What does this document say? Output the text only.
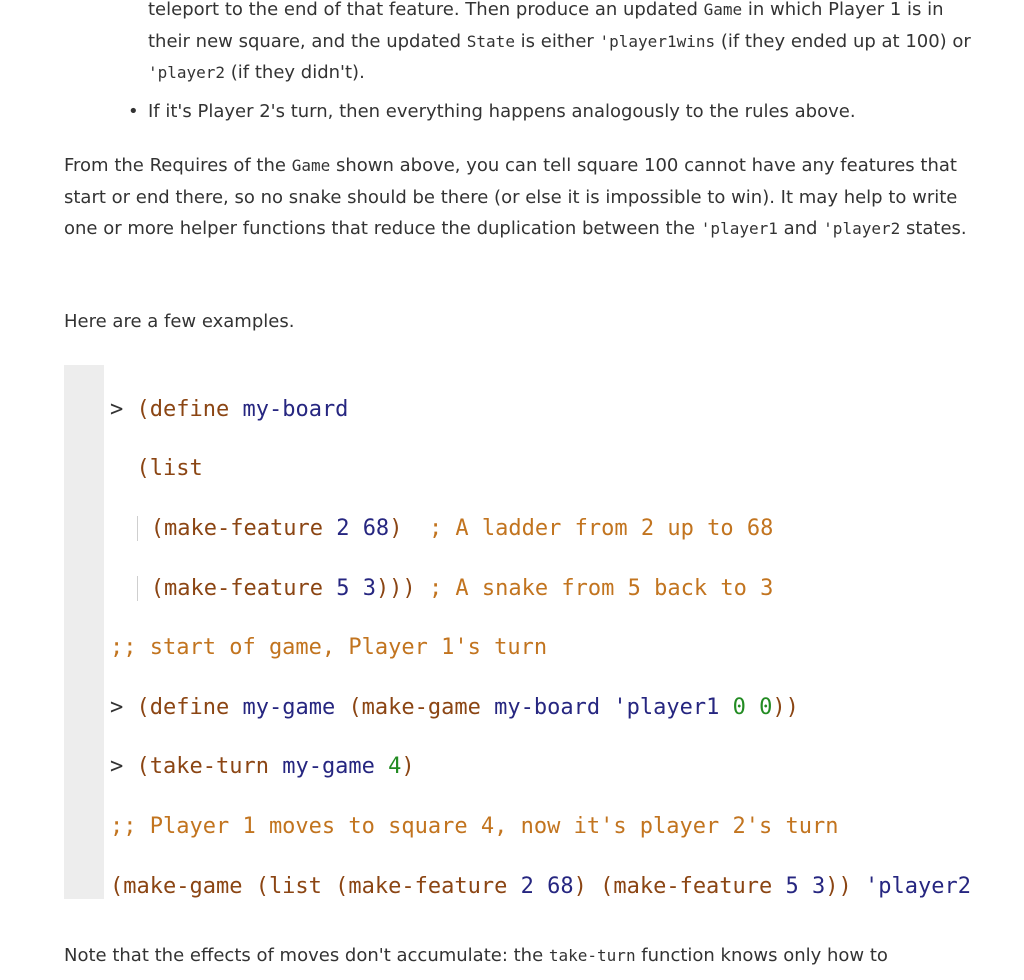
teleport to the end of that feature. Then produce an updated Game in which Player 1 is in their new square, and the updated State is either 'player1wins (if they ended up at 100) or 'player2 (if they didn't).

• If it's Player 2's turn, then everything happens analogously to the rules above.

From the Requires of the Game shown above, you can tell square 100 cannot have any features that start or end there, so no snake should be there (or else it is impossible to win). It may help to write one or more helper functions that reduce the duplication between the 'player1 and 'player2 states.

Here are a few examples.

> (define my-board

(list

(make-feature 2 68) ; A ladder from 2 up to 68

(make-feature 5 3))) ; A snake from 5 back to 3

;; start of game, Player 1's turn

> (define my-game (make-game my-board 'player1 0 0))

> (take-turn my-game 4)

;; Player 1 moves to square 4, now it's player 2's turn

(make-game (list (make-feature 2 68) (make-feature 5 3)) 'player2

Note that the effects of moves don't accumulate: the take-turn function knows only how to
